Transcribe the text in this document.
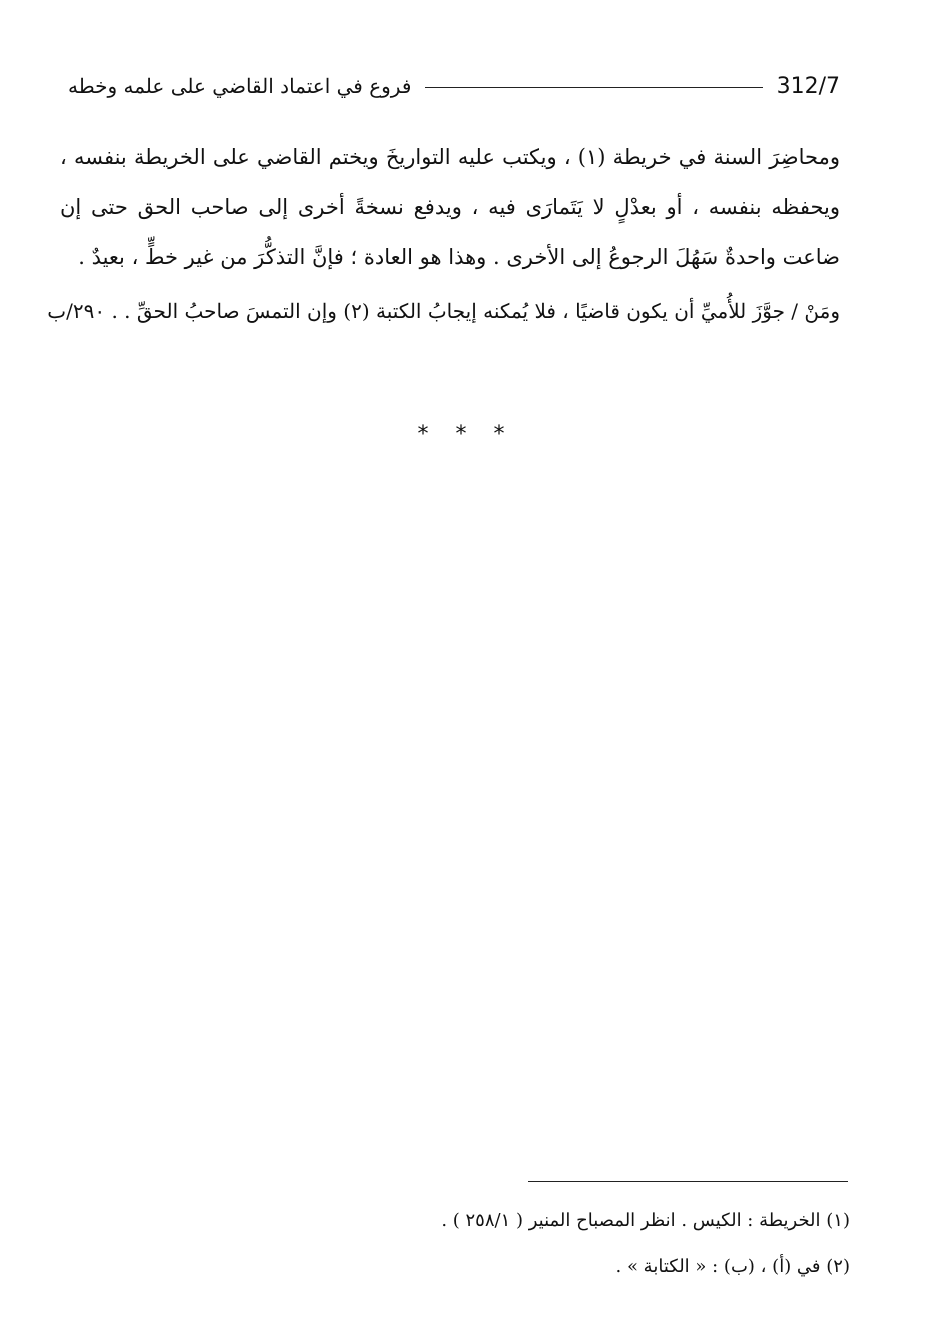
312/7
فروع في اعتماد القاضي على علمه وخطه
ومحاضِرَ السنة في خريطة (١) ، ويكتب عليه التواريخَ ويختم القاضي على الخريطة بنفسه ،
ويحفظه بنفسه ، أو بعدْلٍ لا يَتَمارَى فيه ، ويدفع نسخةً أخرى إلى صاحب الحق حتى إن
ضاعت واحدةٌ سَهُلَ الرجوعُ إلى الأخرى . وهذا هو العادة ؛ فإنَّ التذكُّرَ من غير خطٍّ ، بعيدٌ .
ومَنْ / جوَّزَ للأُميِّ أن يكون قاضيًا ، فلا يُمكنه إيجابُ الكتبة (٢) وإن التمسَ صاحبُ الحقِّ . . ٢٩٠/ب
* * *
(١) الخريطة : الكيس . انظر المصباح المنير ( ٢٥٨/١ ) .
(٢) في (أ) ، (ب) : « الكتابة » .
